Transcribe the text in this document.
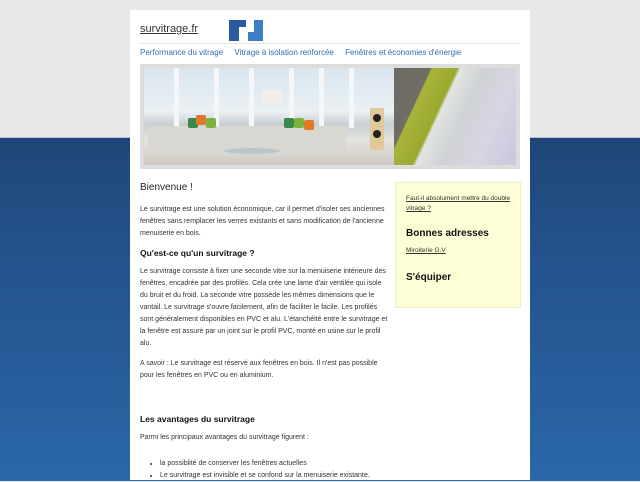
survitrage.fr
Performance du vitrage Vitrage à isolation renforcée Fenêtres et économies d'énergie
Bienvenue !

Le survitrage est une solution économique, car il permet d'isoler ses anciennes fenêtres sans remplacer les verres existants et sans modification de l'ancienne menuiserie en bois.

Qu'est-ce qu'un survitrage ?

Le survitrage consiste à fixer une seconde vitre sur la menuiserie intérieure des fenêtres, encadrée par des profilés. Cela crée une lame d'air ventilée qui isole du bruit et du froid. La seconde vitre possède les mêmes dimensions que le vantail. Le survitrage s'ouvre facilement, afin de faciliter le facile. Les profilés sont généralement disponibles en PVC et alu. L'étanchéité entre le survitrage et la fenêtre est assuré par un joint sur le profil PVC, monté en usine sur le profil alu.

A savoir : Le survitrage est réservé aux fenêtres en bois. Il n'est pas possible pour les fenêtres en PVC ou en aluminium.

Les avantages du survitrage

Parmi les principaux avantages du survitrage figurent :

• la possiblité de conserver les fenêtres actuelles
• Le survitrage est invisible et se confond sur la menuiserie existante.
Faut-il absolument mettre du double vitrage ?
Bonnes adresses
Miroiterie G.V
S'équiper
